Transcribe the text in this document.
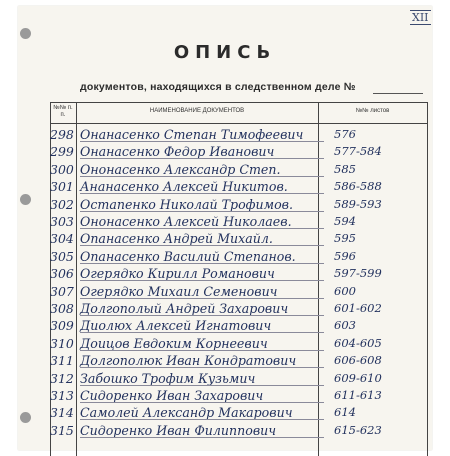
XII
ОПИСЬ
документов, находящихся в следственном деле №
№№ п. п.
НАИМЕНОВАНИЕ ДОКУМЕНТОВ	№№ листов
298 Онанасенко Степан Тимофеевич	576
299 Онанасенко Федор Иванович	577-584
300 Ононасенко Александр Степ.	585
301 Ананасенко Алексей Никитов.	586-588
302 Остапенко Николай Трофимов.	589-593
303 Ононасенко Алексей Николаев.	594
304 Опанасенко Андрей Михайл.	595
305 Опанасенко Василий Степанов.	596
306 Огерядко Кирилл Романович	597-599
307 Огерядко Михаил Семенович	600
308 Долгополый Андрей Захарович	601-602
309 Диолюх Алексей Игнатович	603
310 Доицов Евдоким Корнеевич	604-605
311 Долгополюк Иван Кондратович	606-608
312 Забошко Трофим Кузьмич	609-610
313 Сидоренко Иван Захарович	611-613
314 Самолей Александр Макарович	614
315 Сидоренко Иван Филиппович	615-623
